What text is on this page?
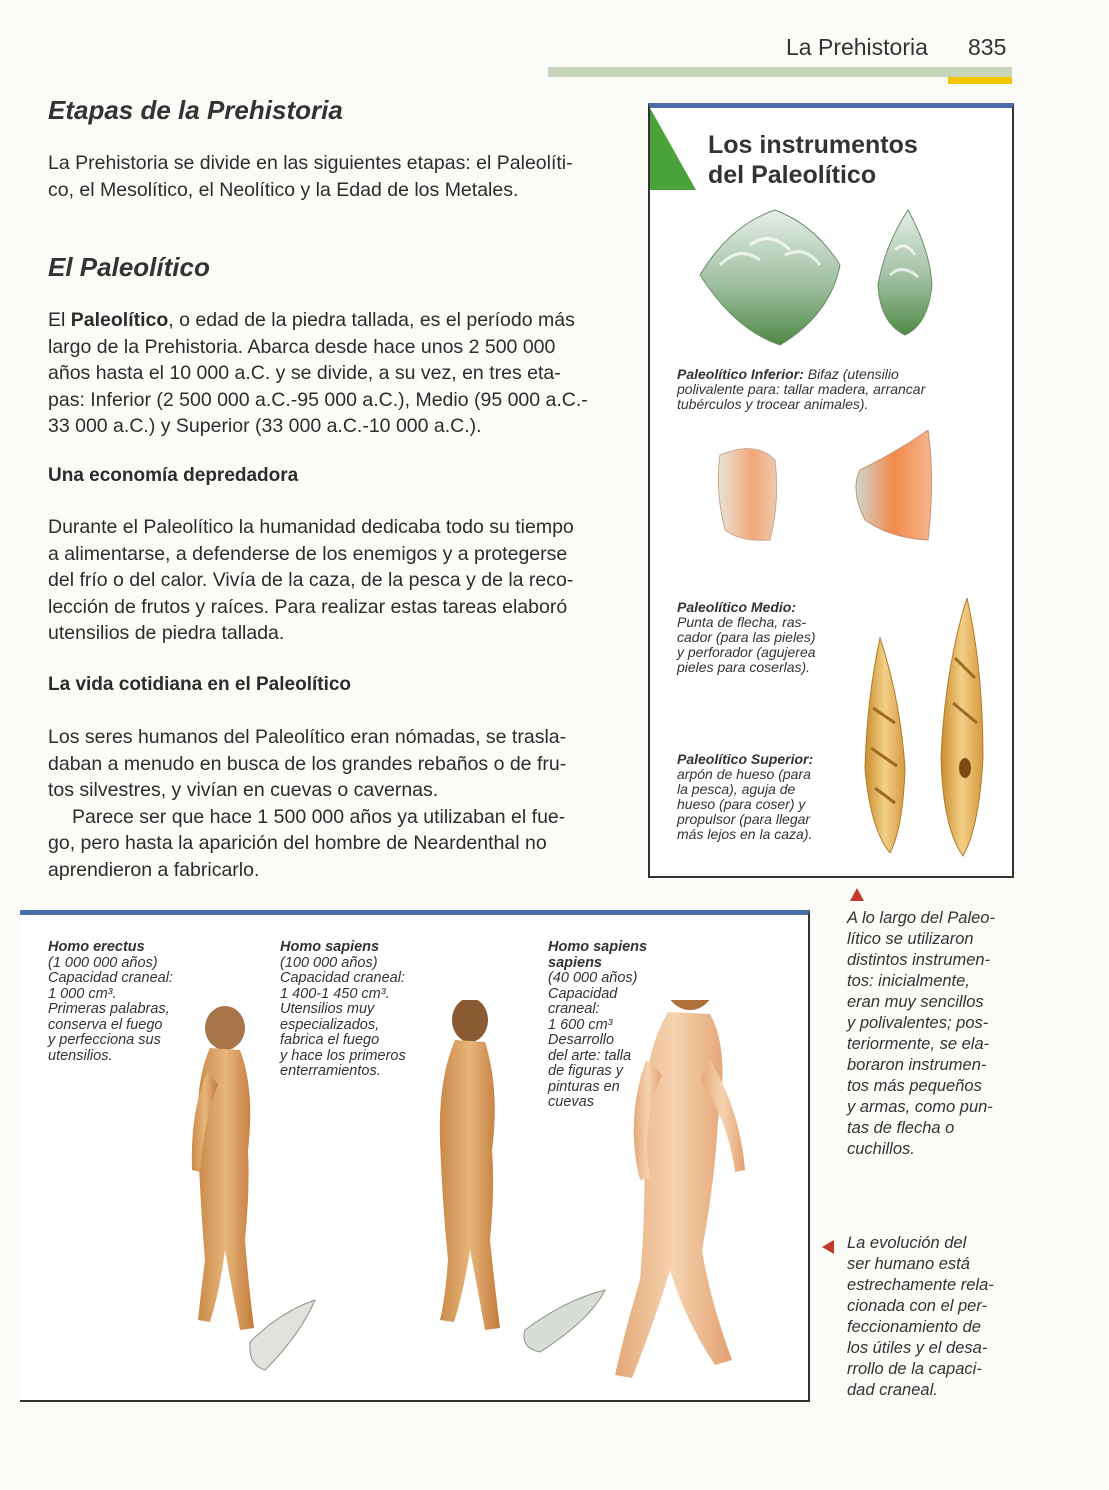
La Prehistoria 835
Etapas de la Prehistoria

La Prehistoria se divide en las siguientes etapas: el Paleolíti-
co, el Mesolítico, el Neolítico y la Edad de los Metales.

El Paleolítico

El Paleolítico, o edad de la piedra tallada, es el período más
largo de la Prehistoria. Abarca desde hace unos 2 500 000
años hasta el 10 000 a.C. y se divide, a su vez, en tres eta-
pas: Inferior (2 500 000 a.C.-95 000 a.C.), Medio (95 000 a.C.-
33 000 a.C.) y Superior (33 000 a.C.-10 000 a.C.).

Una economía depredadora

Durante el Paleolítico la humanidad dedicaba todo su tiempo
a alimentarse, a defenderse de los enemigos y a protegerse
del frío o del calor. Vivía de la caza, de la pesca y de la reco-
lección de frutos y raíces. Para realizar estas tareas elaboró
utensilios de piedra tallada.

La vida cotidiana en el Paleolítico

Los seres humanos del Paleolítico eran nómadas, se trasla-
daban a menudo en busca de los grandes rebaños o de fru-
tos silvestres, y vivían en cuevas o cavernas.
Parece ser que hace 1 500 000 años ya utilizaban el fue-
go, pero hasta la aparición del hombre de Neardenthal no
aprendieron a fabricarlo.

Los instrumentos
del Paleolítico
Paleolítico Inferior: Bifaz (utensilio
polivalente para: tallar madera, arrancar
tubérculos y trocear animales).
Paleolítico Medio:
Punta de flecha, ras-
cador (para las pieles)
y perforador (agujerea
pieles para coserlas).
Paleolítico Superior:
arpón de hueso (para
la pesca), aguja de
hueso (para coser) y
propulsor (para llegar
más lejos en la caza).
Homo erectus
(1 000 000 años)
Capacidad craneal:
1 000 cm³.
Primeras palabras,
conserva el fuego
y perfecciona sus
utensilios.
Homo sapiens
(100 000 años)
Capacidad craneal:
1 400-1 450 cm³.
Utensilios muy
especializados,
fabrica el fuego
y hace los primeros
enterramientos.
Homo sapiens
sapiens
(40 000 años)
Capacidad
craneal:
1 600 cm³
Desarrollo
del arte: talla
de figuras y
pinturas en
cuevas
A lo largo del Paleo-
lítico se utilizaron
distintos instrumen-
tos: inicialmente,
eran muy sencillos
y polivalentes; pos-
teriormente, se ela-
boraron instrumen-
tos más pequeños
y armas, como pun-
tas de flecha o
cuchillos.
La evolución del
ser humano está
estrechamente rela-
cionada con el per-
feccionamiento de
los útiles y el desa-
rrollo de la capaci-
dad craneal.
